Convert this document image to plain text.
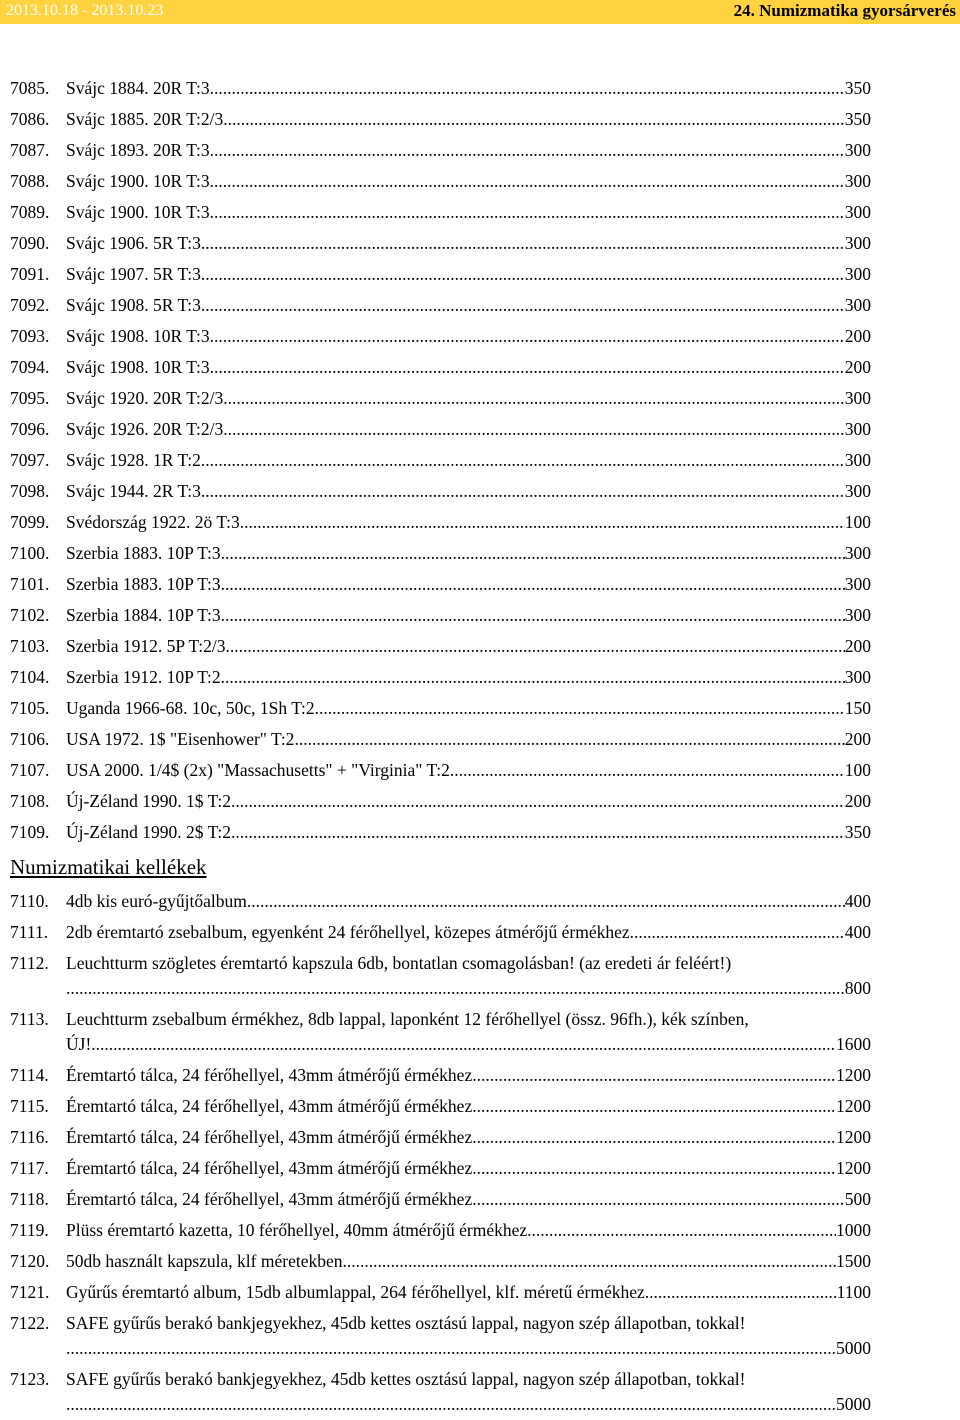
2013.10.18 - 2013.10.23	24. Numizmatika gyorsárverés
7085. Svájc 1884. 20R T:3 .....	350
7086. Svájc 1885. 20R T:2/3 .....	350
7087. Svájc 1893. 20R T:3 .....	300
7088. Svájc 1900. 10R T:3 .....	300
7089. Svájc 1900. 10R T:3 .....	300
7090. Svájc 1906. 5R T:3 .....	300
7091. Svájc 1907. 5R T:3 .....	300
7092. Svájc 1908. 5R T:3 .....	300
7093. Svájc 1908. 10R T:3 .....	200
7094. Svájc 1908. 10R T:3 .....	200
7095. Svájc 1920. 20R T:2/3 .....	300
7096. Svájc 1926. 20R T:2/3 .....	300
7097. Svájc 1928. 1R T:2 .....	300
7098. Svájc 1944. 2R T:3 .....	300
7099. Svédország 1922. 2ö T:3 .....	100
7100. Szerbia 1883. 10P T:3 .....	300
7101. Szerbia 1883. 10P T:3 .....	300
7102. Szerbia 1884. 10P T:3 .....	300
7103. Szerbia 1912. 5P T:2/3 .....	200
7104. Szerbia 1912. 10P T:2 .....	300
7105. Uganda 1966-68. 10c, 50c, 1Sh T:2 .....	150
7106. USA 1972. 1$ "Eisenhower" T:2 .....	200
7107. USA 2000. 1/4$ (2x) "Massachusetts" + "Virginia" T:2 .....	100
7108. Új-Zéland 1990. 1$ T:2 .....	200
7109. Új-Zéland 1990. 2$ T:2 .....	350
Numizmatikai kellékek
7110. 4db kis euró-gyűjtőalbum .....	400
7111. 2db éremtartó zsebalbum, egyenként 24 férőhellyel, közepes átmérőjű érmékhez .....	400
7112. Leuchtturm szögletes éremtartó kapszula 6db, bontatlan csomagolásban! (az eredeti ár feléért!)
.....
800
7113. Leuchtturm zsebalbum érmékhez, 8db lappal, laponként 12 férőhellyel (össz. 96fh.), kék színben,
ÚJ! .....	1600
7114. Éremtartó tálca, 24 férőhellyel, 43mm átmérőjű érmékhez .....	1200
7115. Éremtartó tálca, 24 férőhellyel, 43mm átmérőjű érmékhez .....	1200
7116. Éremtartó tálca, 24 férőhellyel, 43mm átmérőjű érmékhez .....	1200
7117. Éremtartó tálca, 24 férőhellyel, 43mm átmérőjű érmékhez .....	1200
7118. Éremtartó tálca, 24 férőhellyel, 43mm átmérőjű érmékhez .....	500
7119. Plüss éremtartó kazetta, 10 férőhellyel, 40mm átmérőjű érmékhez .....	1000
7120. 50db használt kapszula, klf méretekben .....	1500
7121. Gyűrűs éremtartó album, 15db albumlappal, 264 férőhellyel, klf. méretű érmékhez .....	1100
7122. SAFE gyűrűs berakó bankjegyekhez, 45db kettes osztású lappal, nagyon szép állapotban, tokkal!
.....
5000
7123. SAFE gyűrűs berakó bankjegyekhez, 45db kettes osztású lappal, nagyon szép állapotban, tokkal!
.....
5000
